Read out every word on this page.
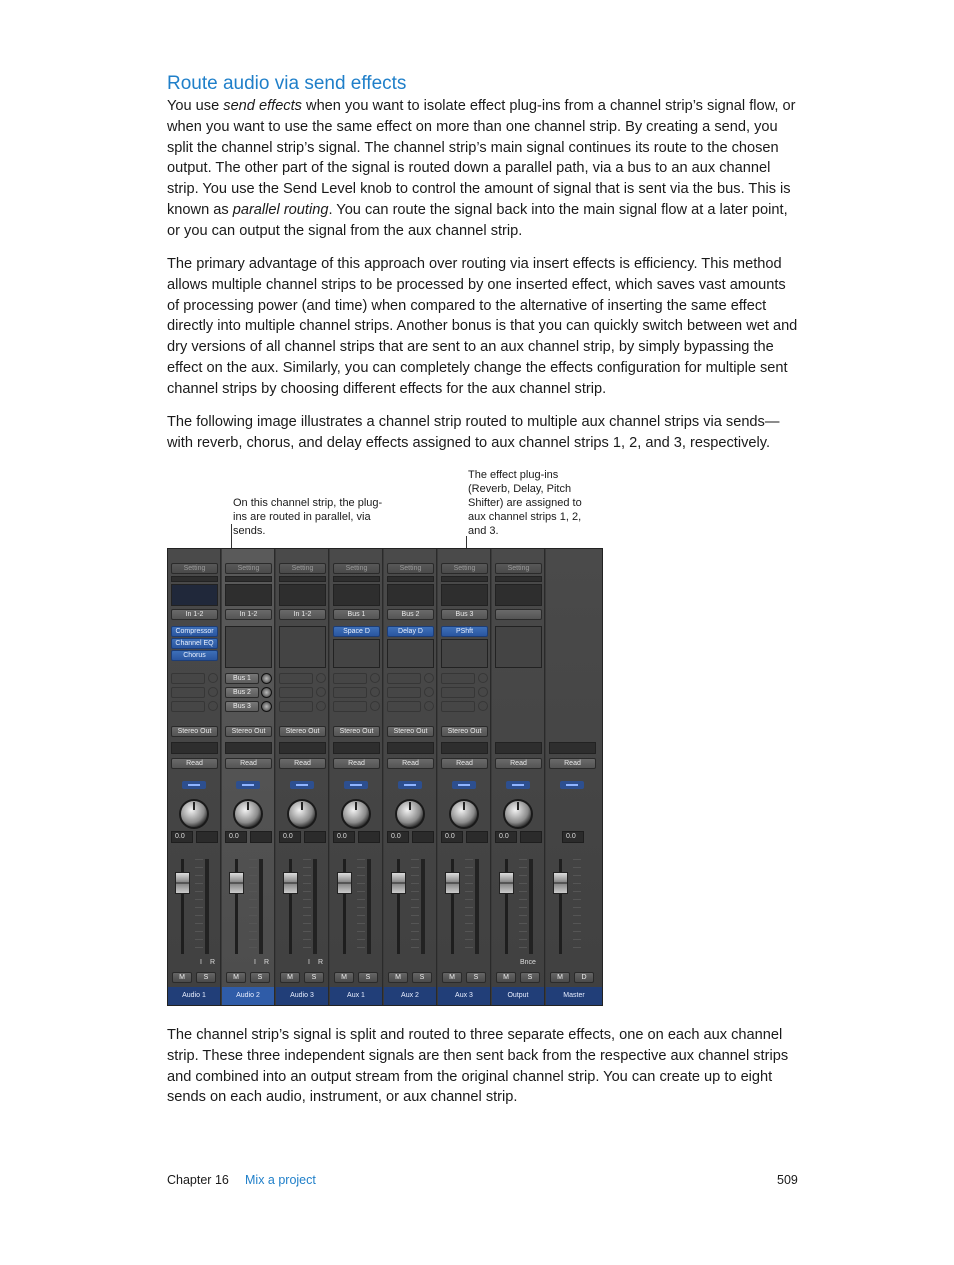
Route audio via send effects

You use send effects when you want to isolate effect plug-ins from a channel strip’s signal flow, or when you want to use the same effect on more than one channel strip. By creating a send, you split the channel strip’s signal. The channel strip’s main signal continues its route to the chosen output. The other part of the signal is routed down a parallel path, via a bus to an aux channel strip. You use the Send Level knob to control the amount of signal that is sent via the bus. This is known as parallel routing. You can route the signal back into the main signal flow at a later point, or you can output the signal from the aux channel strip.

The primary advantage of this approach over routing via insert effects is efficiency. This method allows multiple channel strips to be processed by one inserted effect, which saves vast amounts of processing power (and time) when compared to the alternative of inserting the same effect directly into multiple channel strips. Another bonus is that you can quickly switch between wet and dry versions of all channel strips that are sent to an aux channel strip, by simply bypassing the effect on the aux. Similarly, you can completely change the effects configuration for multiple sent channel strips by choosing different effects for the aux channel strip.

The following image illustrates a channel strip routed to multiple aux channel strips via sends—with reverb, chorus, and delay effects assigned to aux channel strips 1, 2, and 3, respectively.

On this channel strip, the plug-ins are routed in parallel, via sends.

The effect plug-ins (Reverb, Delay, Pitch Shifter) are assigned to aux channel strips 1, 2, and 3.

Setting
In 1-2
Compressor
Channel EQ
Chorus
Stereo Out
Read
0.0
I R
M	S
Audio 1
Setting
In 1-2
Bus 1
Bus 2
Bus 3
Stereo Out
Read
0.0
I R
M	S
Audio 2
Setting
In 1-2
Stereo Out
Read
0.0
I R
M	S
Audio 3
Setting
Bus 1
Space D
Stereo Out
Read
0.0
M	S
Aux 1
Setting
Bus 2
Delay D
Stereo Out
Read
0.0
M	S
Aux 2
Setting
Bus 3
PShft
Stereo Out
Read
0.0
M	S
Aux 3
Setting
Read
0.0
Bnce
M	S
Output
Read
0.0
M	D
Master

The channel strip’s signal is split and routed to three separate effects, one on each aux channel strip. These three independent signals are then sent back from the respective aux channel strips and combined into an output stream from the original channel strip. You can create up to eight sends on each audio, instrument, or aux channel strip.

Chapter 16 Mix a project	509
